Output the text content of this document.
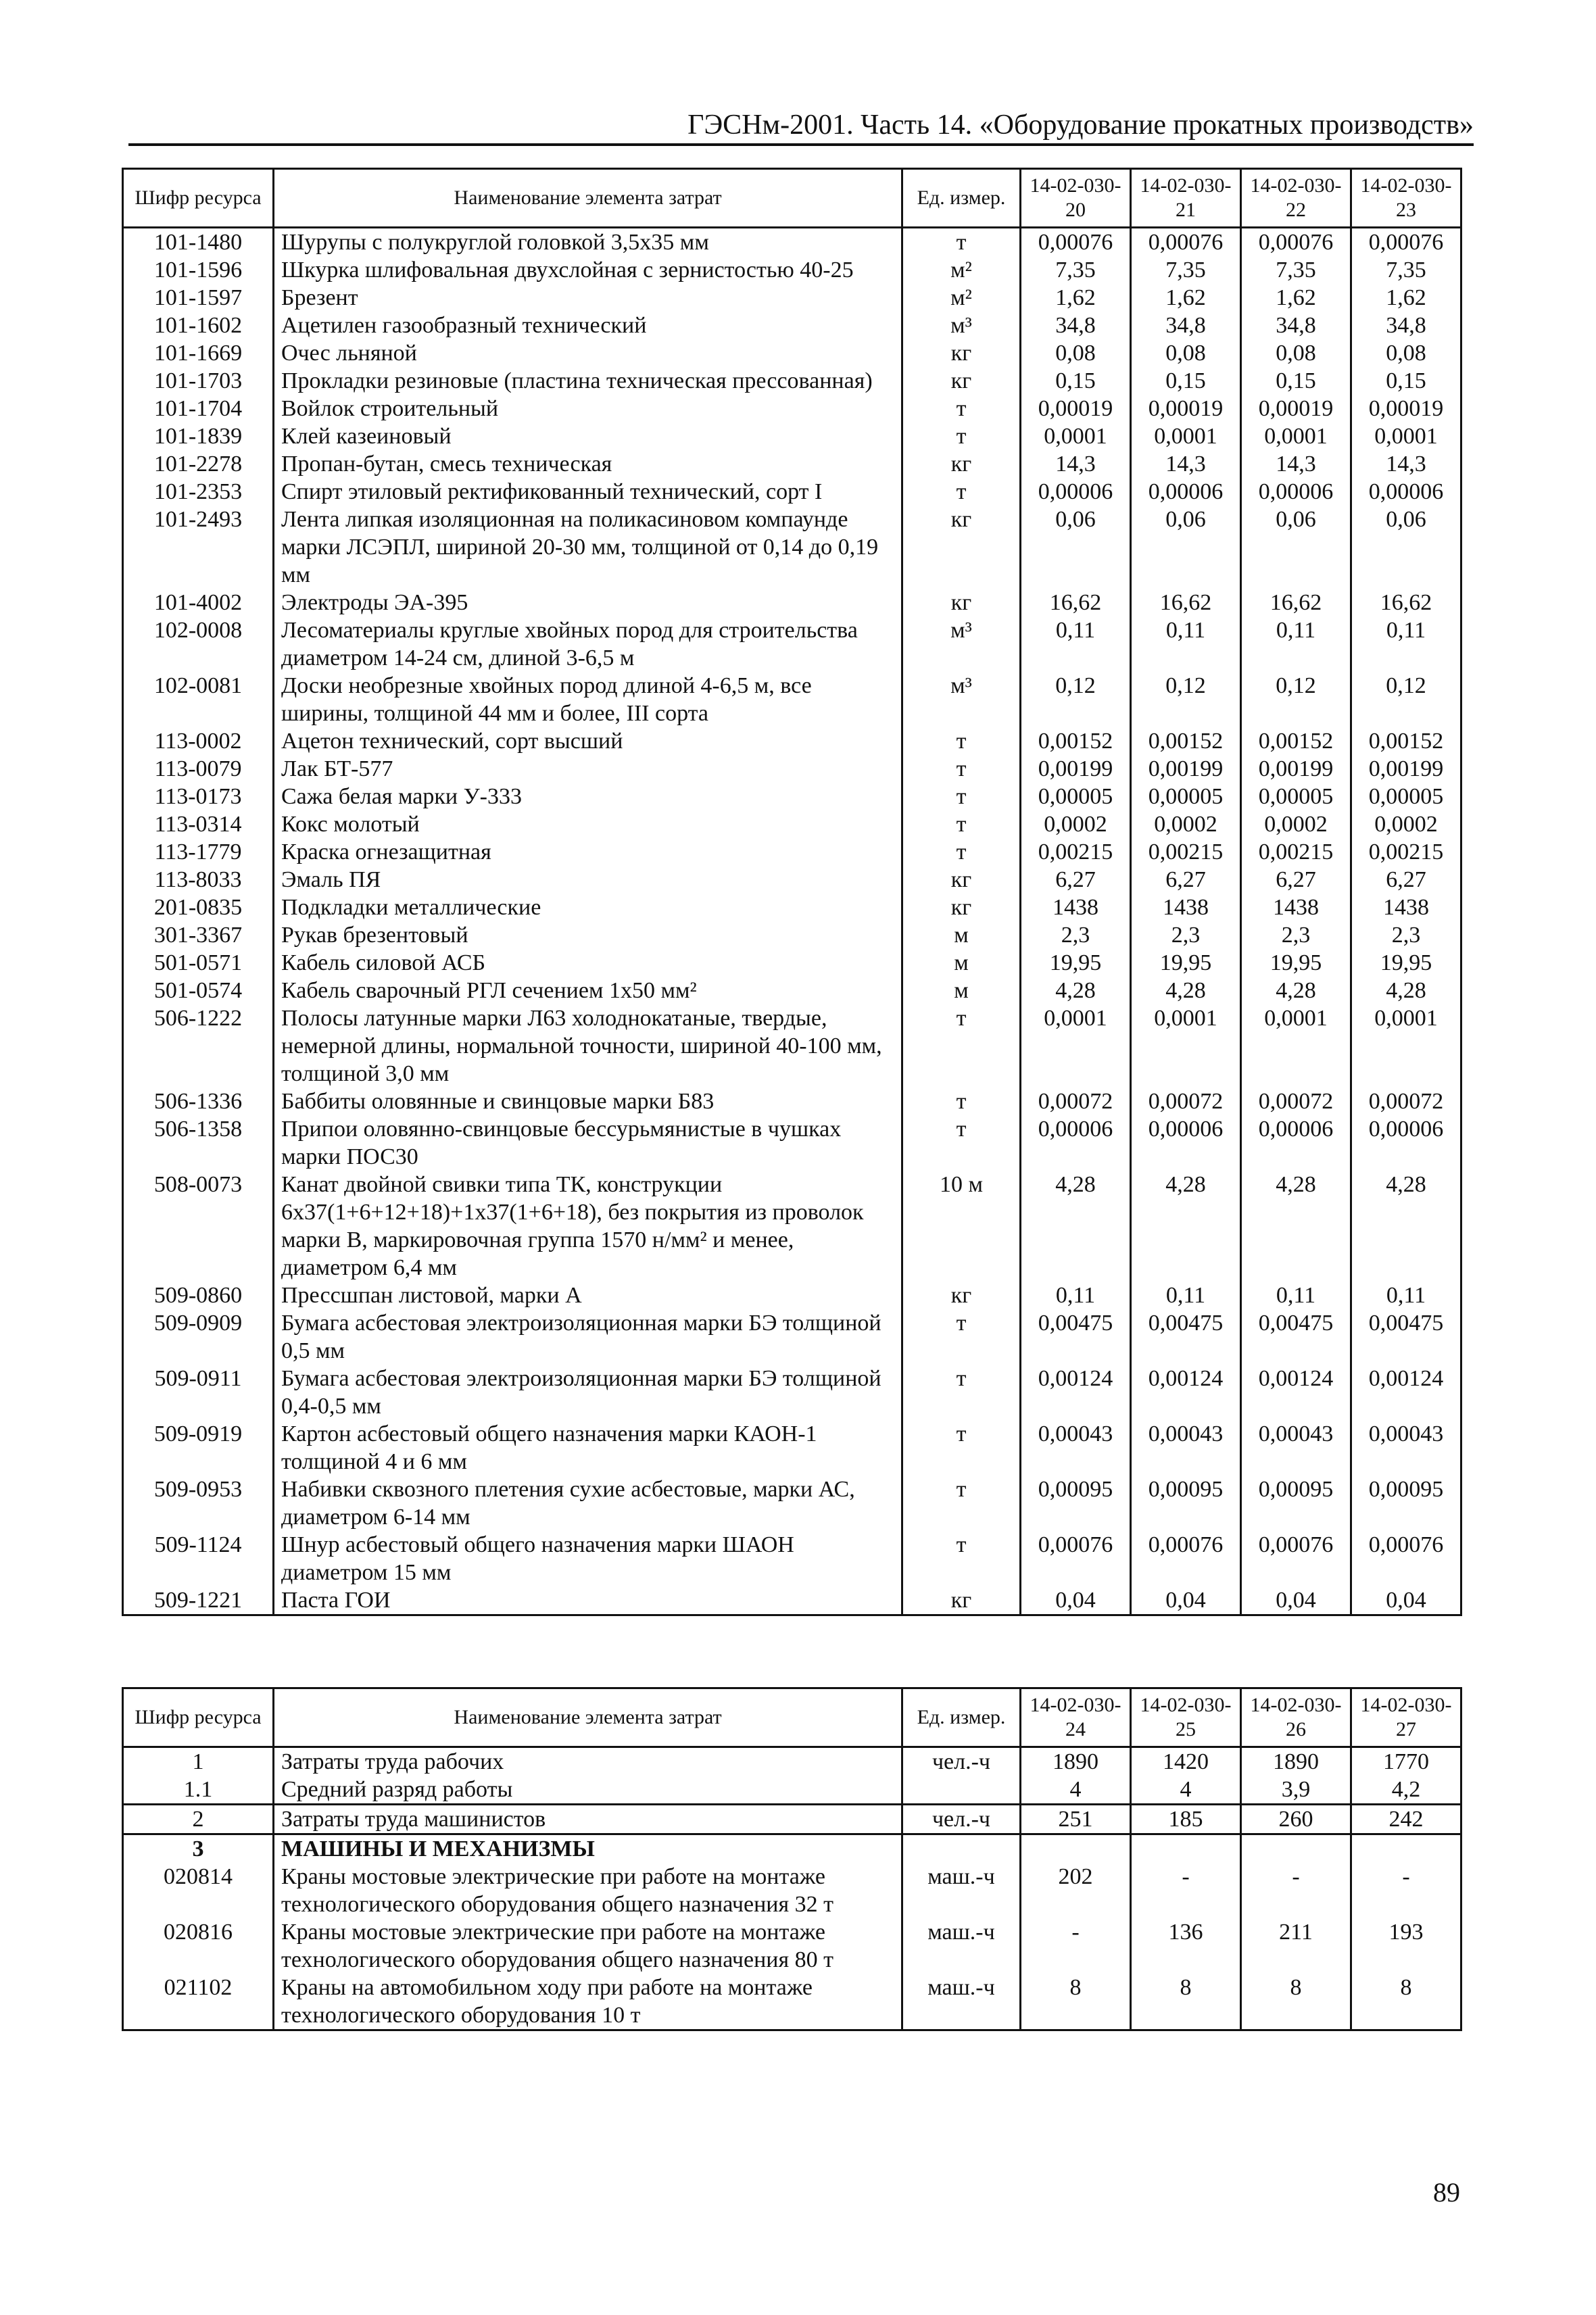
ГЭСНм-2001. Часть 14. «Оборудование прокатных производств»
Шифр ресурса	Наименование элемента затрат	Ед. измер.	14-02-030-20	14-02-030-21	14-02-030-22	14-02-030-23
101-1480	Шурупы с полукруглой головкой 3,5х35 мм	т	0,00076	0,00076	0,00076	0,00076
101-1596	Шкурка шлифовальная двухслойная с зернистостью 40-25	м²	7,35	7,35	7,35	7,35
101-1597	Брезент	м²	1,62	1,62	1,62	1,62
101-1602	Ацетилен газообразный технический	м³	34,8	34,8	34,8	34,8
101-1669	Очес льняной	кг	0,08	0,08	0,08	0,08
101-1703	Прокладки резиновые (пластина техническая прессованная)	кг	0,15	0,15	0,15	0,15
101-1704	Войлок строительный	т	0,00019	0,00019	0,00019	0,00019
101-1839	Клей казеиновый	т	0,0001	0,0001	0,0001	0,0001
101-2278	Пропан-бутан, смесь техническая	кг	14,3	14,3	14,3	14,3
101-2353	Спирт этиловый ректификованный технический, сорт I	т	0,00006	0,00006	0,00006	0,00006
101-2493	Лента липкая изоляционная на поликасиновом компаунде марки ЛСЭПЛ, шириной 20-30 мм, толщиной от 0,14 до 0,19 мм	кг	0,06	0,06	0,06	0,06
101-4002	Электроды ЭА-395	кг	16,62	16,62	16,62	16,62
102-0008	Лесоматериалы круглые хвойных пород для строительства диаметром 14-24 см, длиной 3-6,5 м	м³	0,11	0,11	0,11	0,11
102-0081	Доски необрезные хвойных пород длиной 4-6,5 м, все ширины, толщиной 44 мм и более, III сорта	м³	0,12	0,12	0,12	0,12
113-0002	Ацетон технический, сорт высший	т	0,00152	0,00152	0,00152	0,00152
113-0079	Лак БТ-577	т	0,00199	0,00199	0,00199	0,00199
113-0173	Сажа белая марки У-333	т	0,00005	0,00005	0,00005	0,00005
113-0314	Кокс молотый	т	0,0002	0,0002	0,0002	0,0002
113-1779	Краска огнезащитная	т	0,00215	0,00215	0,00215	0,00215
113-8033	Эмаль ПЯ	кг	6,27	6,27	6,27	6,27
201-0835	Подкладки металлические	кг	1438	1438	1438	1438
301-3367	Рукав брезентовый	м	2,3	2,3	2,3	2,3
501-0571	Кабель силовой АСБ	м	19,95	19,95	19,95	19,95
501-0574	Кабель сварочный РГЛ сечением 1х50 мм²	м	4,28	4,28	4,28	4,28
506-1222	Полосы латунные марки Л63 холоднокатаные, твердые, немерной длины, нормальной точности, шириной 40-100 мм, толщиной 3,0 мм	т	0,0001	0,0001	0,0001	0,0001
506-1336	Баббиты оловянные и свинцовые марки Б83	т	0,00072	0,00072	0,00072	0,00072
506-1358	Припои оловянно-свинцовые бессурьмянистые в чушках марки ПОС30	т	0,00006	0,00006	0,00006	0,00006
508-0073	Канат двойной свивки типа ТК, конструкции 6х37(1+6+12+18)+1х37(1+6+18), без покрытия из проволок марки В, маркировочная группа 1570 н/мм² и менее, диаметром 6,4 мм	10 м	4,28	4,28	4,28	4,28
509-0860	Прессшпан листовой, марки А	кг	0,11	0,11	0,11	0,11
509-0909	Бумага асбестовая электроизоляционная марки БЭ толщиной 0,5 мм	т	0,00475	0,00475	0,00475	0,00475
509-0911	Бумага асбестовая электроизоляционная марки БЭ толщиной 0,4-0,5 мм	т	0,00124	0,00124	0,00124	0,00124
509-0919	Картон асбестовый общего назначения марки КАОН-1 толщиной 4 и 6 мм	т	0,00043	0,00043	0,00043	0,00043
509-0953	Набивки сквозного плетения сухие асбестовые, марки АС, диаметром 6-14 мм	т	0,00095	0,00095	0,00095	0,00095
509-1124	Шнур асбестовый общего назначения марки ШАОН диаметром 15 мм	т	0,00076	0,00076	0,00076	0,00076
509-1221	Паста ГОИ	кг	0,04	0,04	0,04	0,04
Шифр ресурса	Наименование элемента затрат	Ед. измер.	14-02-030-24	14-02-030-25	14-02-030-26	14-02-030-27
1	Затраты труда рабочих	чел.-ч	1890	1420	1890	1770
1.1	Средний разряд работы		4	4	3,9	4,2
2	Затраты труда машинистов	чел.-ч	251	185	260	242
3	МАШИНЫ И МЕХАНИЗМЫ					
020814	Краны мостовые электрические при работе на монтаже технологического оборудования общего назначения 32 т	маш.-ч	202	-	-	-
020816	Краны мостовые электрические при работе на монтаже технологического оборудования общего назначения 80 т	маш.-ч	-	136	211	193
021102	Краны на автомобильном ходу при работе на монтаже технологического оборудования 10 т	маш.-ч	8	8	8	8
89
